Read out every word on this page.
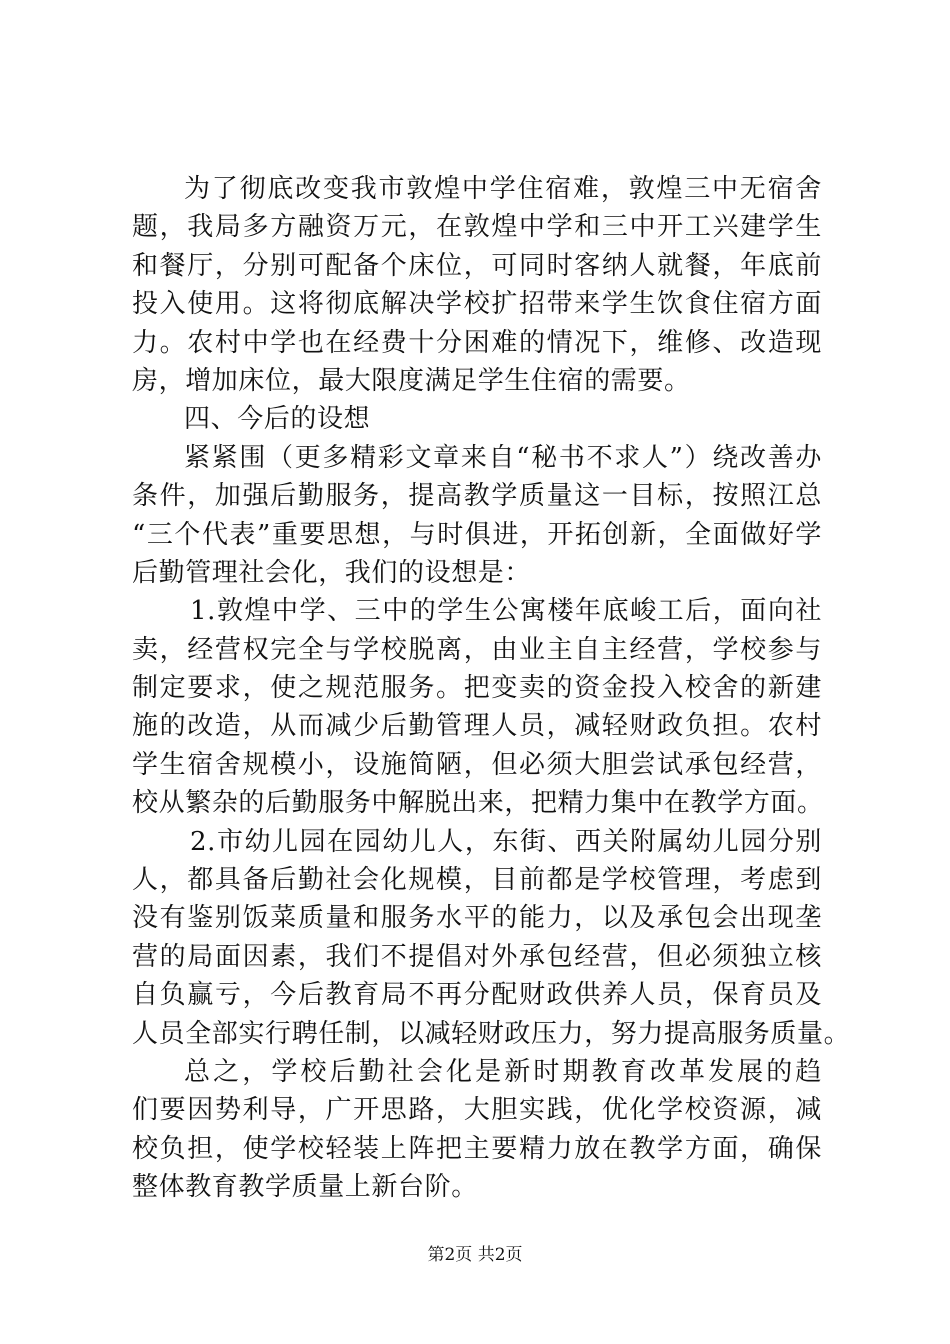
为了彻底改变我市敦煌中学住宿难，敦煌三中无宿舍
题，我局多方融资万元，在敦煌中学和三中开工兴建学生
和餐厅，分别可配备个床位，可同时客纳人就餐，年底前
投入使用。这将彻底解决学校扩招带来学生饮食住宿方面
力。农村中学也在经费十分困难的情况下，维修、改造现
房，增加床位，最大限度满足学生住宿的需要。
四、今后的设想
紧紧围（更多精彩文章来自“秘书不求人”）绕改善办
条件，加强后勤服务，提高教学质量这一目标，按照江总
“三个代表”重要思想，与时俱进，开拓创新，全面做好学
后勤管理社会化，我们的设想是：
1.敦煌中学、三中的学生公寓楼年底峻工后，面向社
卖，经营权完全与学校脱离，由业主自主经营，学校参与
制定要求，使之规范服务。把变卖的资金投入校舍的新建
施的改造，从而减少后勤管理人员，减轻财政负担。农村
学生宿舍规模小，设施简陋，但必须大胆尝试承包经营，
校从繁杂的后勤服务中解脱出来，把精力集中在教学方面。
2.市幼儿园在园幼儿人，东街、西关附属幼儿园分别
人，都具备后勤社会化规模，目前都是学校管理，考虑到
没有鉴别饭菜质量和服务水平的能力，以及承包会出现垄
营的局面因素，我们不提倡对外承包经营，但必须独立核
自负赢亏，今后教育局不再分配财政供养人员，保育员及
人员全部实行聘任制，以减轻财政压力，努力提高服务质量。
总之，学校后勤社会化是新时期教育改革发展的趋
们要因势利导，广开思路，大胆实践，优化学校资源，减
校负担，使学校轻装上阵把主要精力放在教学方面，确保
整体教育教学质量上新台阶。
第2页 共2页
